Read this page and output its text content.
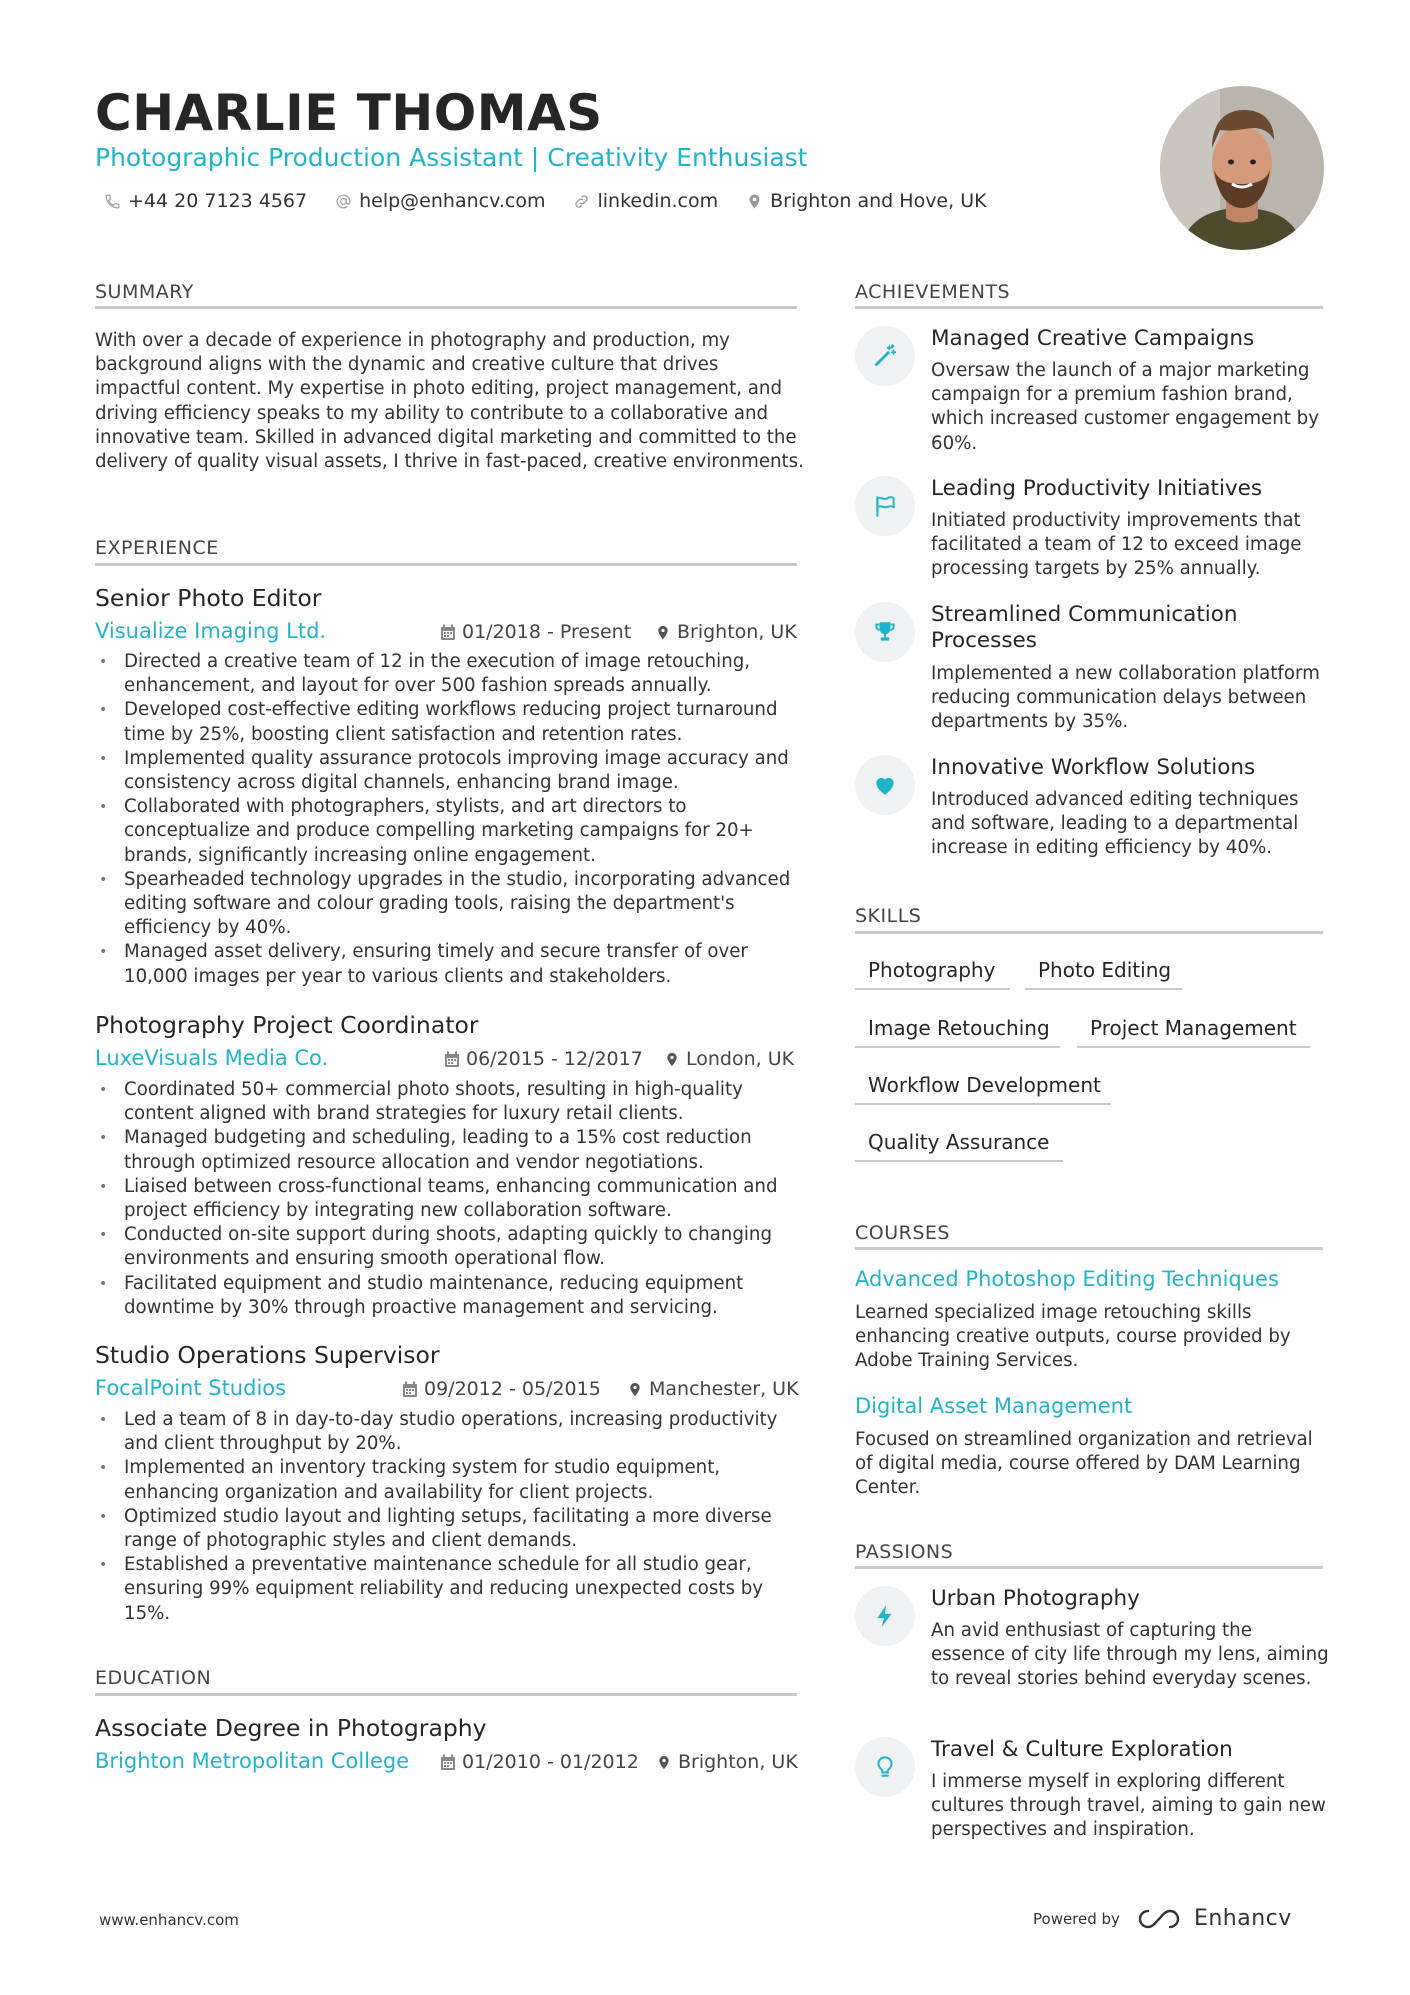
CHARLIE THOMAS
Photographic Production Assistant | Creativity Enthusiast
+44 20 7123 4567	help@enhancv.com	linkedin.com	Brighton and Hove, UK
SUMMARY
With over a decade of experience in photography and production, my background aligns with the dynamic and creative culture that drives impactful content. My expertise in photo editing, project management, and driving efficiency speaks to my ability to contribute to a collaborative and innovative team. Skilled in advanced digital marketing and committed to the delivery of quality visual assets, I thrive in fast-paced, creative environments.
EXPERIENCE
Senior Photo Editor
Visualize Imaging Ltd.	01/2018 - Present Brighton, UK
• Directed a creative team of 12 in the execution of image retouching, enhancement, and layout for over 500 fashion spreads annually.
• Developed cost-effective editing workflows reducing project turnaround time by 25%, boosting client satisfaction and retention rates.
• Implemented quality assurance protocols improving image accuracy and consistency across digital channels, enhancing brand image.
• Collaborated with photographers, stylists, and art directors to conceptualize and produce compelling marketing campaigns for 20+ brands, significantly increasing online engagement.
• Spearheaded technology upgrades in the studio, incorporating advanced editing software and colour grading tools, raising the department's efficiency by 40%.
• Managed asset delivery, ensuring timely and secure transfer of over 10,000 images per year to various clients and stakeholders.
Photography Project Coordinator
LuxeVisuals Media Co.	06/2015 - 12/2017 London, UK
• Coordinated 50+ commercial photo shoots, resulting in high-quality content aligned with brand strategies for luxury retail clients.
• Managed budgeting and scheduling, leading to a 15% cost reduction through optimized resource allocation and vendor negotiations.
• Liaised between cross-functional teams, enhancing communication and project efficiency by integrating new collaboration software.
• Conducted on-site support during shoots, adapting quickly to changing environments and ensuring smooth operational flow.
• Facilitated equipment and studio maintenance, reducing equipment downtime by 30% through proactive management and servicing.
Studio Operations Supervisor
FocalPoint Studios	09/2012 - 05/2015	Manchester, UK
• Led a team of 8 in day-to-day studio operations, increasing productivity and client throughput by 20%.
• Implemented an inventory tracking system for studio equipment, enhancing organization and availability for client projects.
• Optimized studio layout and lighting setups, facilitating a more diverse range of photographic styles and client demands.
• Established a preventative maintenance schedule for all studio gear, ensuring 99% equipment reliability and reducing unexpected costs by 15%.
EDUCATION
Associate Degree in Photography
Brighton Metropolitan College	01/2010 - 01/2012 Brighton, UK
ACHIEVEMENTS
Managed Creative Campaigns
Oversaw the launch of a major marketing campaign for a premium fashion brand, which increased customer engagement by 60%.
Leading Productivity Initiatives
Initiated productivity improvements that facilitated a team of 12 to exceed image processing targets by 25% annually.
Streamlined Communication Processes
Implemented a new collaboration platform reducing communication delays between departments by 35%.
Innovative Workflow Solutions
Introduced advanced editing techniques and software, leading to a departmental increase in editing efficiency by 40%.
SKILLS
Photography Photo Editing
Image Retouching Project Management
Workflow Development
Quality Assurance
COURSES
Advanced Photoshop Editing Techniques
Learned specialized image retouching skills enhancing creative outputs, course provided by Adobe Training Services.
Digital Asset Management
Focused on streamlined organization and retrieval of digital media, course offered by DAM Learning Center.
PASSIONS
Urban Photography
An avid enthusiast of capturing the essence of city life through my lens, aiming to reveal stories behind everyday scenes.
Travel & Culture Exploration
I immerse myself in exploring different cultures through travel, aiming to gain new perspectives and inspiration.
www.enhancv.com	Powered by	Enhancv
